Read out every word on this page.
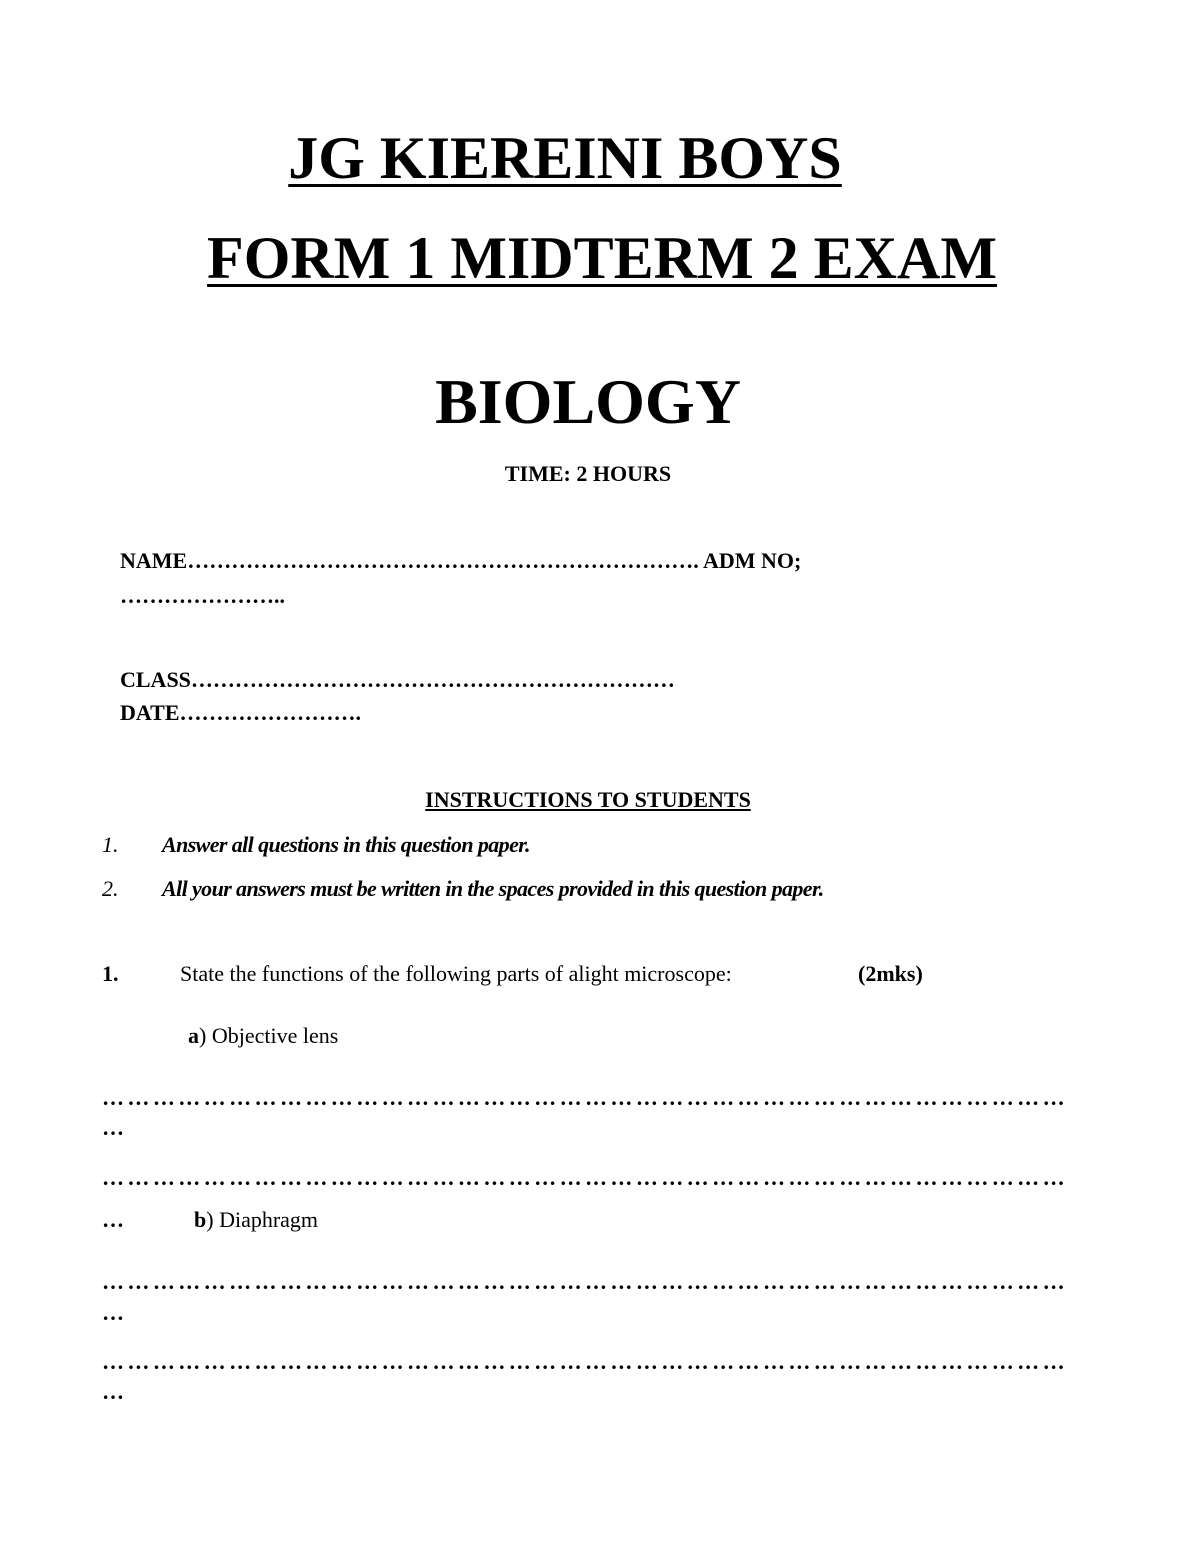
JG KIEREINI BOYS
FORM 1 MIDTERM 2 EXAM
BIOLOGY
TIME: 2 HOURS
NAME……………………………………………………………. ADM NO;
…………………..
CLASS…………………………………………………………
DATE…………………….
INSTRUCTIONS TO STUDENTS
1. Answer all questions in this question paper.
2. All your answers must be written in the spaces provided in this question paper.
1.	State the functions of the following parts of alight microscope:	(2mks)
a) Objective lens
……………………………………………………………………………………………………
…
……………………………………………………………………………………………………
…	b) Diaphragm
……………………………………………………………………………………………………
…
……………………………………………………………………………………………………
…
